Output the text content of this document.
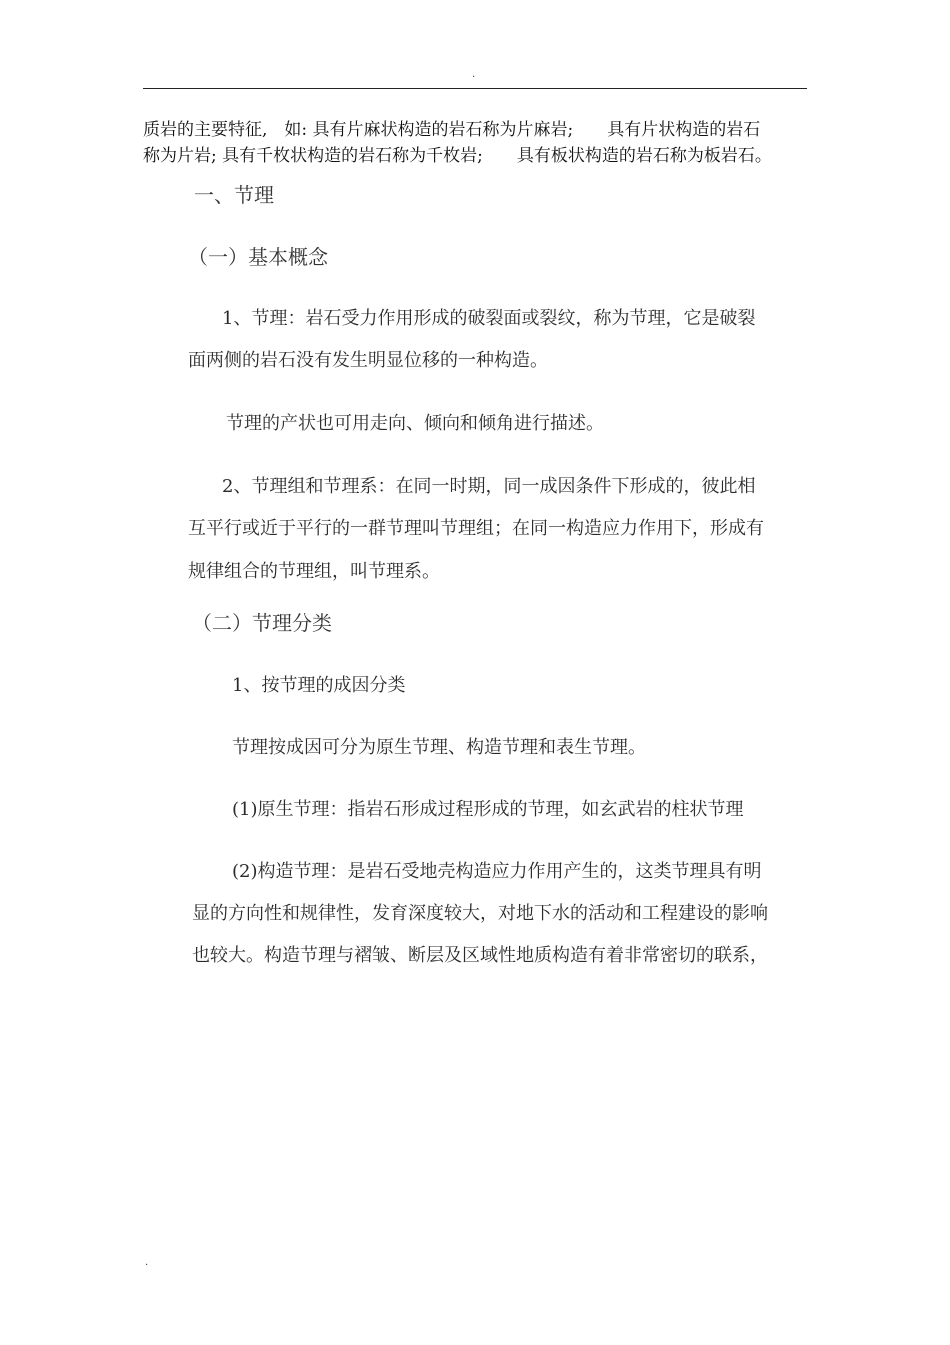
.

质岩的主要特征,　如: 具有片麻状构造的岩石称为片麻岩;　　具有片状构造的岩石

称为片岩; 具有千枚状构造的岩石称为千枚岩;　　具有板状构造的岩石称为板岩石。

一、节理
（一）基本概念
1、节理：岩石受力作用形成的破裂面或裂纹，称为节理，它是破裂
面两侧的岩石没有发生明显位移的一种构造。
节理的产状也可用走向、倾向和倾角进行描述。
2、节理组和节理系：在同一时期，同一成因条件下形成的，彼此相
互平行或近于平行的一群节理叫节理组；在同一构造应力作用下，形成有
规律组合的节理组，叫节理系。
（二）节理分类
1、按节理的成因分类
节理按成因可分为原生节理、构造节理和表生节理。
(1)原生节理：指岩石形成过程形成的节理，如玄武岩的柱状节理
(2)构造节理：是岩石受地壳构造应力作用产生的，这类节理具有明
显的方向性和规律性，发育深度较大，对地下水的活动和工程建设的影响
也较大。构造节理与褶皱、断层及区域性地质构造有着非常密切的联系，
.
